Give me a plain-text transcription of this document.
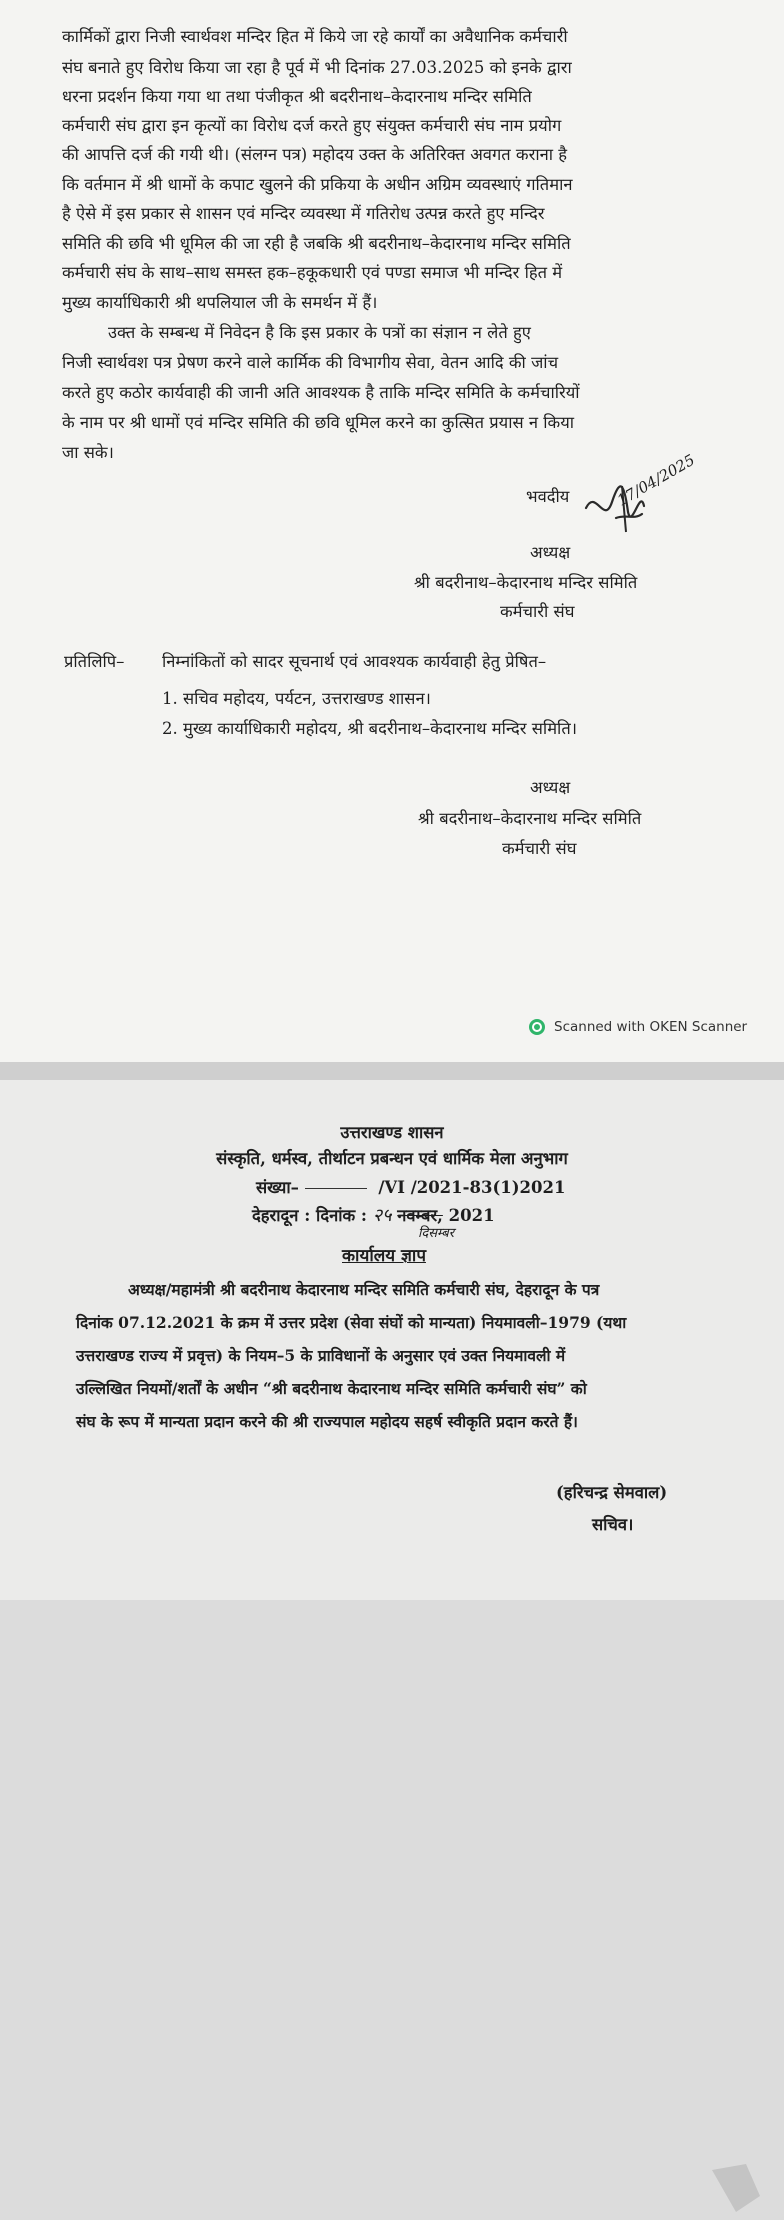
कार्मिकों द्वारा निजी स्वार्थवश मन्दिर हित में किये जा रहे कार्यों का अवैधानिक कर्मचारी
संघ बनाते हुए विरोध किया जा रहा है पूर्व में भी दिनांक 27.03.2025 को इनके द्वारा
धरना प्रदर्शन किया गया था तथा पंजीकृत श्री बदरीनाथ–केदारनाथ मन्दिर समिति
कर्मचारी संघ द्वारा इन कृत्यों का विरोध दर्ज करते हुए संयुक्त कर्मचारी संघ नाम प्रयोग
की आपत्ति दर्ज की गयी थी। (संलग्न पत्र) महोदय उक्त के अतिरिक्त अवगत कराना है
कि वर्तमान में श्री धामों के कपाट खुलने की प्रकिया के अधीन अग्रिम व्यवस्थाएं गतिमान
है ऐसे में इस प्रकार से शासन एवं मन्दिर व्यवस्था में गतिरोध उत्पन्न करते हुए मन्दिर
समिति की छवि भी धूमिल की जा रही है जबकि श्री बदरीनाथ–केदारनाथ मन्दिर समिति
कर्मचारी संघ के साथ–साथ समस्त हक–हकूकधारी एवं पण्डा समाज भी मन्दिर हित में
मुख्य कार्याधिकारी श्री थपलियाल जी के समर्थन में हैं।
उक्त के सम्बन्ध में निवेदन है कि इस प्रकार के पत्रों का संज्ञान न लेते हुए
निजी स्वार्थवश पत्र प्रेषण करने वाले कार्मिक की विभागीय सेवा, वेतन आदि की जांच
करते हुए कठोर कार्यवाही की जानी अति आवश्यक है ताकि मन्दिर समिति के कर्मचारियों
के नाम पर श्री धामों एवं मन्दिर समिति की छवि धूमिल करने का कुत्सित प्रयास न किया
जा सके।
भवदीय	17/04/2025
अध्यक्ष
श्री बदरीनाथ–केदारनाथ मन्दिर समिति
कर्मचारी संघ
प्रतिलिपि– निम्नांकितों को सादर सूचनार्थ एवं आवश्यक कार्यवाही हेतु प्रेषित–
1. सचिव महोदय, पर्यटन, उत्तराखण्ड शासन।
2. मुख्य कार्याधिकारी महोदय, श्री बदरीनाथ–केदारनाथ मन्दिर समिति।
अध्यक्ष
श्री बदरीनाथ–केदारनाथ मन्दिर समिति
कर्मचारी संघ
Scanned with OKEN Scanner
उत्तराखण्ड शासन
संस्कृति, धर्मस्व, तीर्थाटन प्रबन्धन एवं धार्मिक मेला अनुभाग
संख्या–	/VI /2021-83(1)2021
देहरादून : दिनांक : २५ नवम्बर, 2021
दिसम्बर
कार्यालय ज्ञाप
अध्यक्ष/महामंत्री श्री बदरीनाथ केदारनाथ मन्दिर समिति कर्मचारी संघ, देहरादून के पत्र
दिनांक 07.12.2021 के क्रम में उत्तर प्रदेश (सेवा संघों को मान्यता) नियमावली–1979 (यथा
उत्तराखण्ड राज्य में प्रवृत्त) के नियम–5 के प्राविधानों के अनुसार एवं उक्त नियमावली में
उल्लिखित नियमों/शर्तों के अधीन “श्री बदरीनाथ केदारनाथ मन्दिर समिति कर्मचारी संघ” को
संघ के रूप में मान्यता प्रदान करने की श्री राज्यपाल महोदय सहर्ष स्वीकृति प्रदान करते हैं।
(हरिचन्द्र सेमवाल)
सचिव।
